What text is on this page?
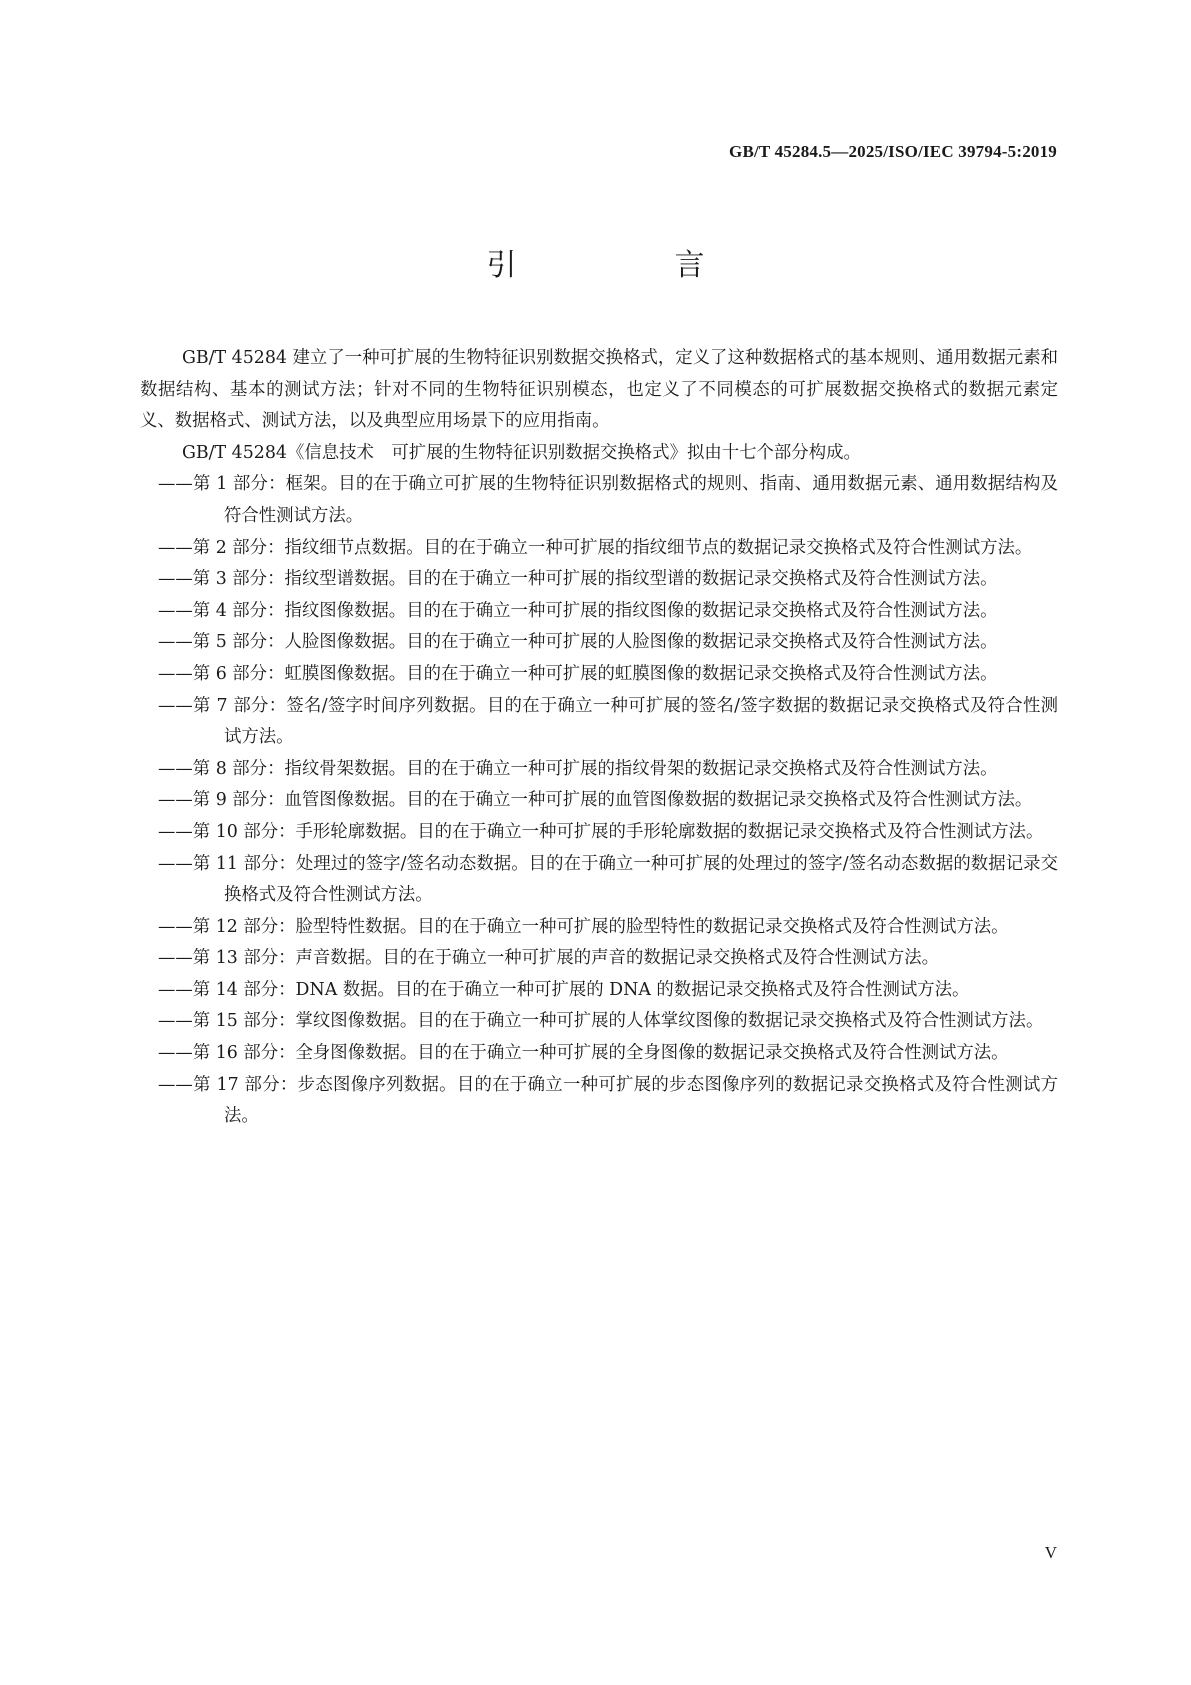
GB/T 45284.5—2025/ISO/IEC 39794-5:2019
引　言

GB/T 45284 建立了一种可扩展的生物特征识别数据交换格式，定义了这种数据格式的基本规则、通用数据元素和数据结构、基本的测试方法；针对不同的生物特征识别模态，也定义了不同模态的可扩展数据交换格式的数据元素定义、数据格式、测试方法，以及典型应用场景下的应用指南。

GB/T 45284《信息技术　可扩展的生物特征识别数据交换格式》拟由十七个部分构成。

——第 1 部分：框架。目的在于确立可扩展的生物特征识别数据格式的规则、指南、通用数据元素、通用数据结构及符合性测试方法。
——第 2 部分：指纹细节点数据。目的在于确立一种可扩展的指纹细节点的数据记录交换格式及符合性测试方法。
——第 3 部分：指纹型谱数据。目的在于确立一种可扩展的指纹型谱的数据记录交换格式及符合性测试方法。
——第 4 部分：指纹图像数据。目的在于确立一种可扩展的指纹图像的数据记录交换格式及符合性测试方法。
——第 5 部分：人脸图像数据。目的在于确立一种可扩展的人脸图像的数据记录交换格式及符合性测试方法。
——第 6 部分：虹膜图像数据。目的在于确立一种可扩展的虹膜图像的数据记录交换格式及符合性测试方法。
——第 7 部分：签名/签字时间序列数据。目的在于确立一种可扩展的签名/签字数据的数据记录交换格式及符合性测试方法。
——第 8 部分：指纹骨架数据。目的在于确立一种可扩展的指纹骨架的数据记录交换格式及符合性测试方法。
——第 9 部分：血管图像数据。目的在于确立一种可扩展的血管图像数据的数据记录交换格式及符合性测试方法。
——第 10 部分：手形轮廓数据。目的在于确立一种可扩展的手形轮廓数据的数据记录交换格式及符合性测试方法。
——第 11 部分：处理过的签字/签名动态数据。目的在于确立一种可扩展的处理过的签字/签名动态数据的数据记录交换格式及符合性测试方法。
——第 12 部分：脸型特性数据。目的在于确立一种可扩展的脸型特性的数据记录交换格式及符合性测试方法。
——第 13 部分：声音数据。目的在于确立一种可扩展的声音的数据记录交换格式及符合性测试方法。
——第 14 部分：DNA 数据。目的在于确立一种可扩展的 DNA 的数据记录交换格式及符合性测试方法。
——第 15 部分：掌纹图像数据。目的在于确立一种可扩展的人体掌纹图像的数据记录交换格式及符合性测试方法。
——第 16 部分：全身图像数据。目的在于确立一种可扩展的全身图像的数据记录交换格式及符合性测试方法。
——第 17 部分：步态图像序列数据。目的在于确立一种可扩展的步态图像序列的数据记录交换格式及符合性测试方法。
V
